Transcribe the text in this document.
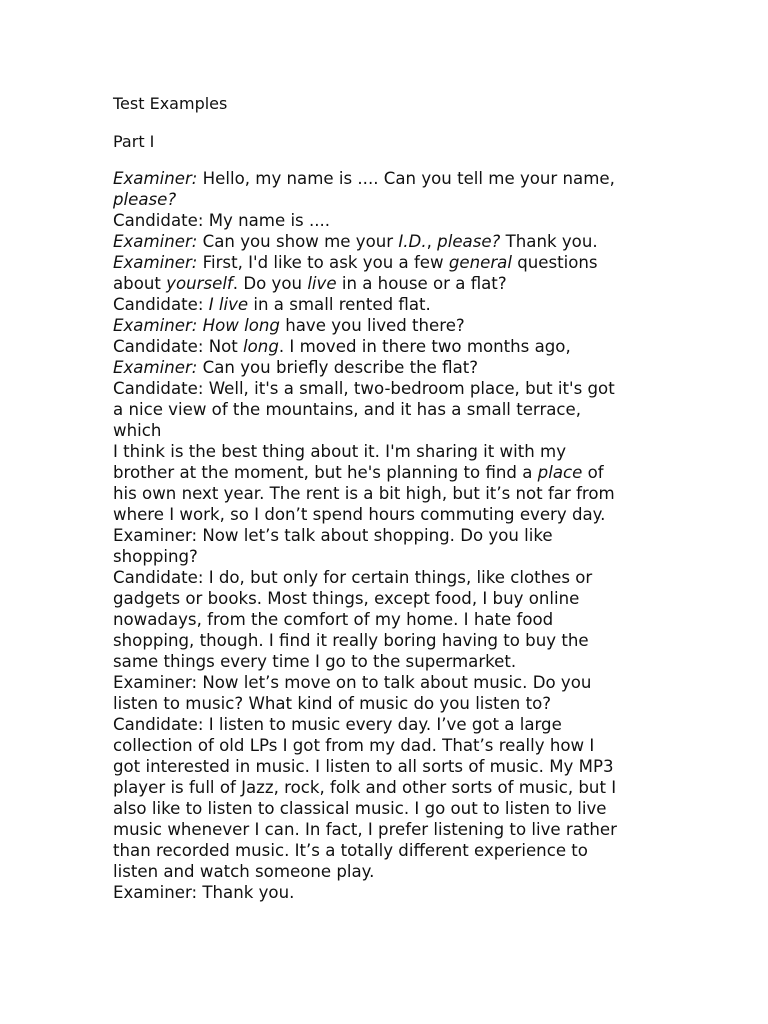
Test Examples
Part I
Examiner: Hello, my name is .... Can you tell me your name,
please?
Candidate: My name is ....
Examiner: Can you show me your I.D., please? Thank you.
Examiner: First, I'd like to ask you a few general questions
about yourself. Do you live in a house or a flat?
Candidate: I live in a small rented flat.
Examiner: How long have you lived there?
Candidate: Not long. I moved in there two months ago,
Examiner: Can you briefly describe the flat?
Candidate: Well, it's a small, two-bedroom place, but it's got
a nice view of the mountains, and it has a small terrace,
which
I think is the best thing about it. I'm sharing it with my
brother at the moment, but he's planning to find a place of
his own next year. The rent is a bit high, but it’s not far from
where I work, so I don’t spend hours commuting every day.
Examiner: Now let’s talk about shopping. Do you like
shopping?
Candidate: I do, but only for certain things, like clothes or
gadgets or books. Most things, except food, I buy online
nowadays, from the comfort of my home. I hate food
shopping, though. I find it really boring having to buy the
same things every time I go to the supermarket.
Examiner: Now let’s move on to talk about music. Do you
listen to music? What kind of music do you listen to?
Candidate: I listen to music every day. I’ve got a large
collection of old LPs I got from my dad. That’s really how I
got interested in music. I listen to all sorts of music. My MP3
player is full of Jazz, rock, folk and other sorts of music, but I
also like to listen to classical music. I go out to listen to live
music whenever I can. In fact, I prefer listening to live rather
than recorded music. It’s a totally different experience to
listen and watch someone play.
Examiner: Thank you.
